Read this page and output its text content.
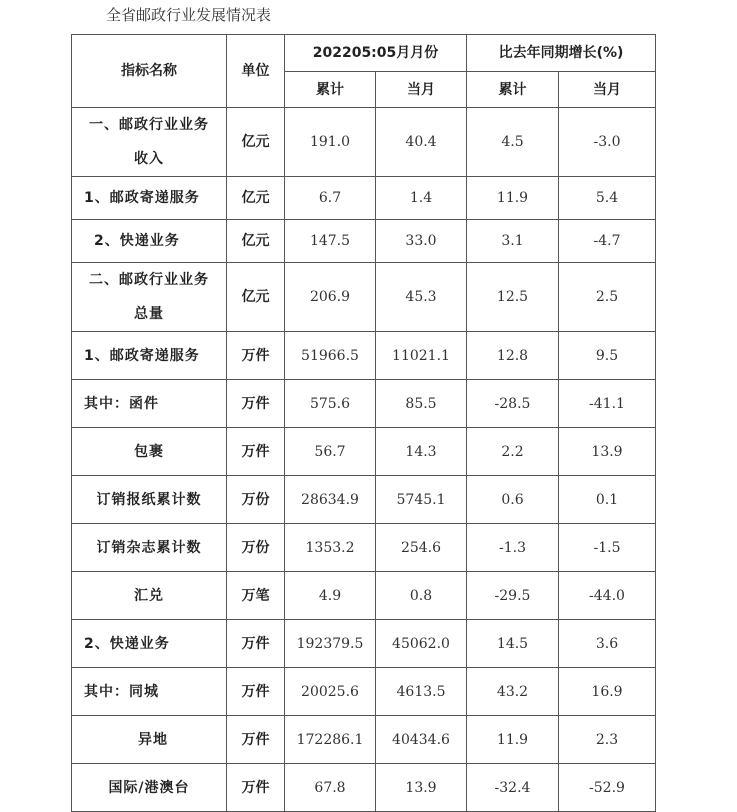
全省邮政行业发展情况表
指标名称	单位	202205:05月月份		比去年同期增长(%)	
		累计	当月	累计	当月

一、邮政行业业务
收入	亿元	191.0	40.4	4.5	-3.0
1、邮政寄递服务	亿元	6.7	1.4	11.9	5.4
2、快递业务	亿元	147.5	33.0	3.1	-4.7

二、邮政行业业务
总量	亿元	206.9	45.3	12.5	2.5
1、邮政寄递服务	万件	51966.5	11021.1	12.8	9.5
其中：函件	万件	575.6	85.5	-28.5	-41.1
包裹	万件	56.7	14.3	2.2	13.9
订销报纸累计数	万份	28634.9	5745.1	0.6	0.1
订销杂志累计数	万份	1353.2	254.6	-1.3	-1.5
汇兑	万笔	4.9	0.8	-29.5	-44.0
2、快递业务	万件	192379.5	45062.0	14.5	3.6
其中：同城	万件	20025.6	4613.5	43.2	16.9
异地	万件	172286.1	40434.6	11.9	2.3
国际/港澳台	万件	67.8	13.9	-32.4	-52.9
